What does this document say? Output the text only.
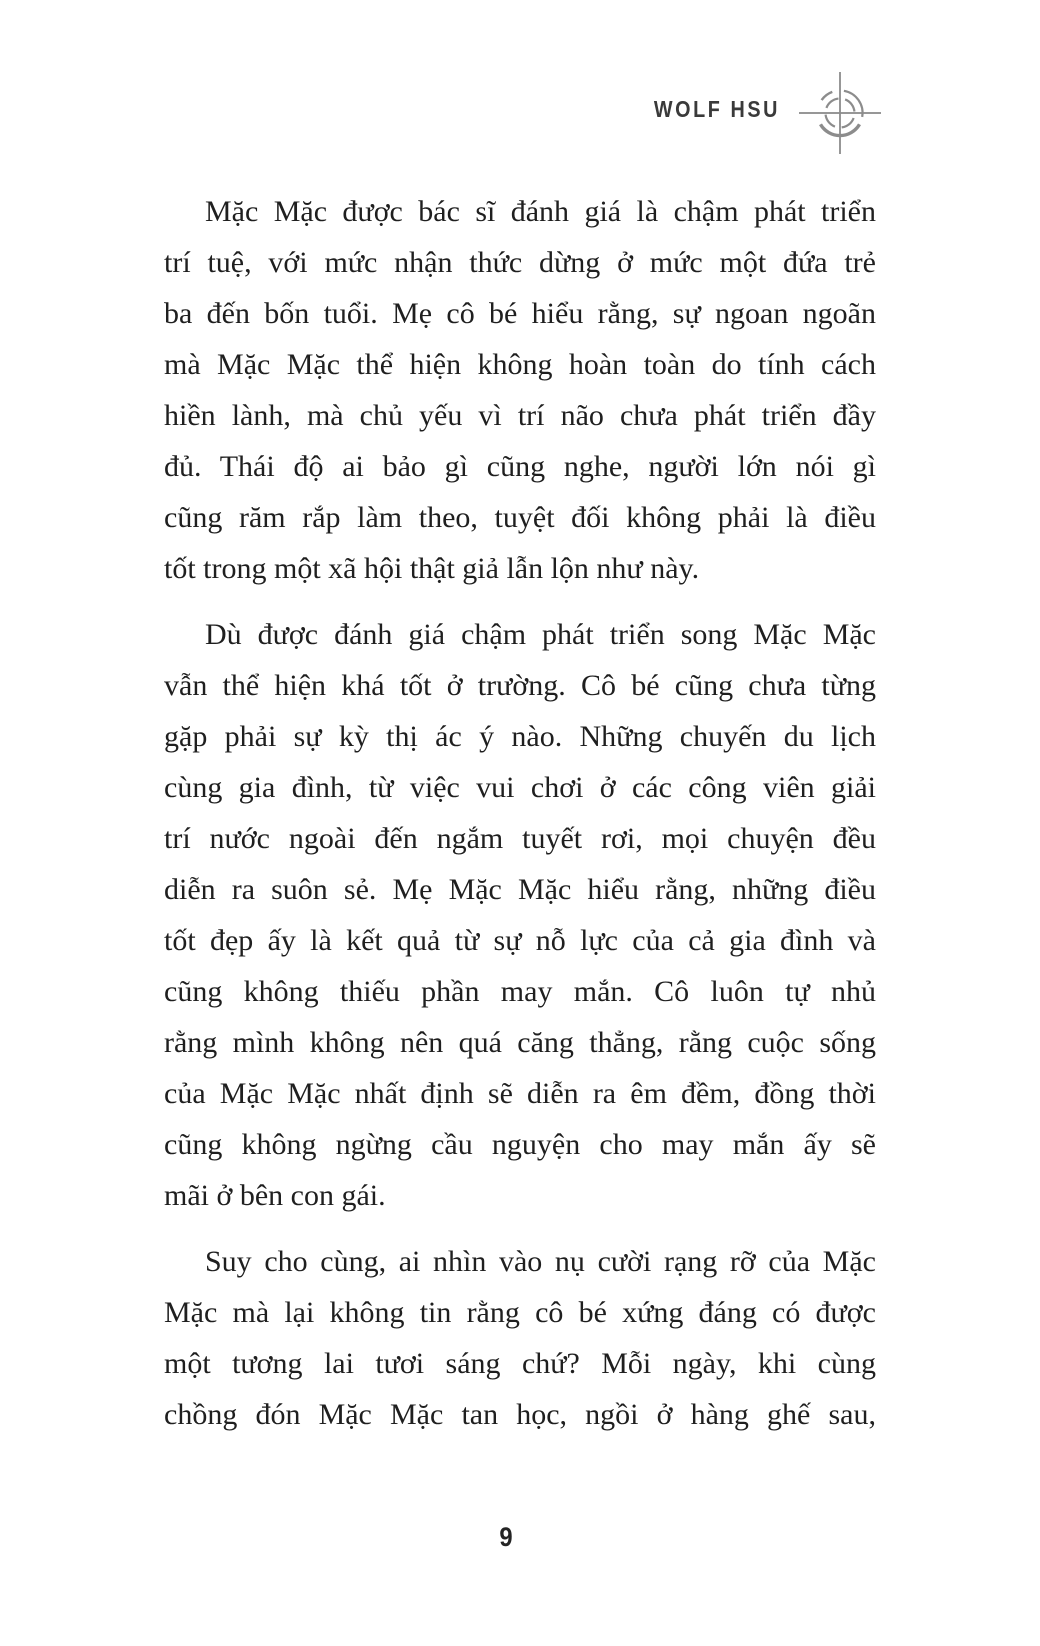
WOLF HSU
Mặc Mặc được bác sĩ đánh giá là chậm phát triển
trí tuệ, với mức nhận thức dừng ở mức một đứa trẻ
ba đến bốn tuổi. Mẹ cô bé hiểu rằng, sự ngoan ngoãn
mà Mặc Mặc thể hiện không hoàn toàn do tính cách
hiền lành, mà chủ yếu vì trí não chưa phát triển đầy
đủ. Thái độ ai bảo gì cũng nghe, người lớn nói gì
cũng răm rắp làm theo, tuyệt đối không phải là điều
tốt trong một xã hội thật giả lẫn lộn như này.
Dù được đánh giá chậm phát triển song Mặc Mặc
vẫn thể hiện khá tốt ở trường. Cô bé cũng chưa từng
gặp phải sự kỳ thị ác ý nào. Những chuyến du lịch
cùng gia đình, từ việc vui chơi ở các công viên giải
trí nước ngoài đến ngắm tuyết rơi, mọi chuyện đều
diễn ra suôn sẻ. Mẹ Mặc Mặc hiểu rằng, những điều
tốt đẹp ấy là kết quả từ sự nỗ lực của cả gia đình và
cũng không thiếu phần may mắn. Cô luôn tự nhủ
rằng mình không nên quá căng thẳng, rằng cuộc sống
của Mặc Mặc nhất định sẽ diễn ra êm đềm, đồng thời
cũng không ngừng cầu nguyện cho may mắn ấy sẽ
mãi ở bên con gái.
Suy cho cùng, ai nhìn vào nụ cười rạng rỡ của Mặc
Mặc mà lại không tin rằng cô bé xứng đáng có được
một tương lai tươi sáng chứ? Mỗi ngày, khi cùng
chồng đón Mặc Mặc tan học, ngồi ở hàng ghế sau,
9
